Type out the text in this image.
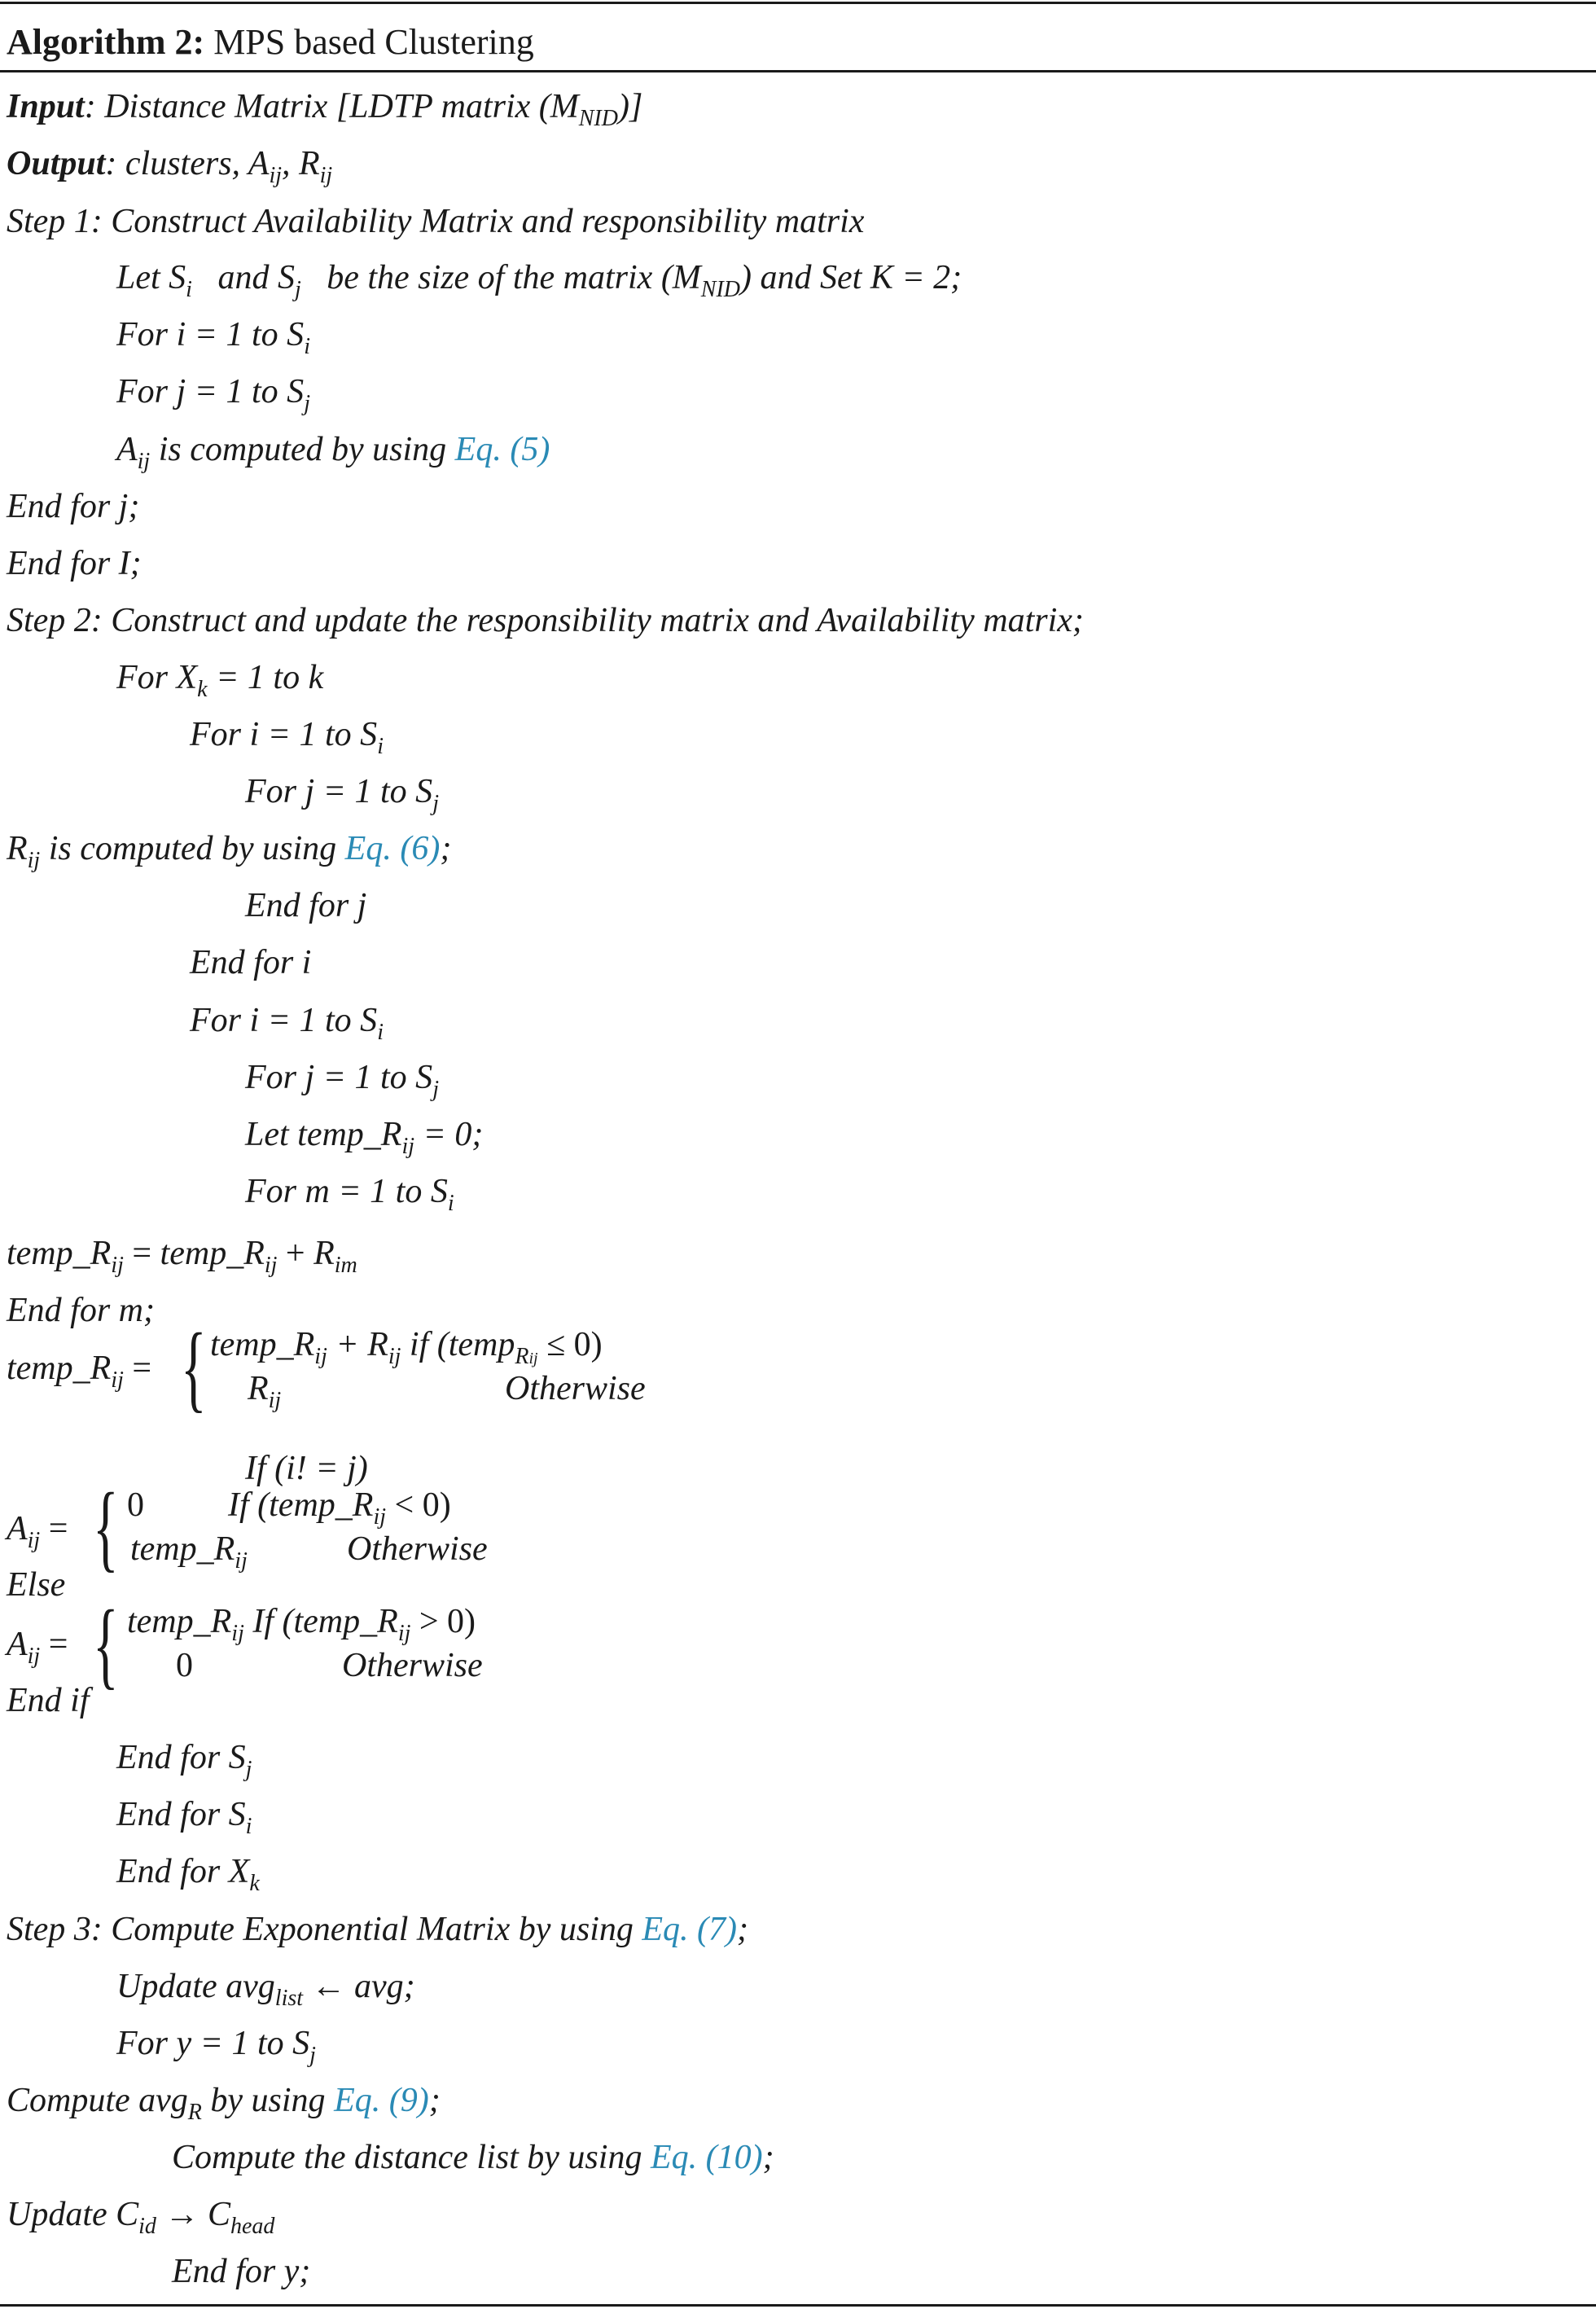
Algorithm 2: MPS based Clustering
Input: Distance Matrix [LDTP matrix $(M_{NID})$]
Output: clusters, $A_{ij}$, $R_{ij}$
Step 1: Construct Availability Matrix and responsibility matrix
Let $S_i$ and $S_j$ be the size of the matrix $(M_{NID})$ and Set K = 2;
For i = 1 to $S_i$
For j = 1 to $S_j$
$A_{ij}$ is computed by using Eq. (5)
End for j;
End for I;
Step 2: Construct and update the responsibility matrix and Availability matrix;
For $X_k = 1$ to k
For i = 1 to $S_i$
For j = 1 to $S_j$
$R_{ij}$ is computed by using Eq. (6);
End for j
End for i
For i = 1 to $S_i$
For j = 1 to $S_j$
Let $temp\_R_{ij} = 0$;
For m = 1 to $S_i$
$temp\_R_{ij}$ = $temp\_R_{ij} + R_{im}$
End for m;
$temp\_R_{ij}$ = { $temp\_R_{ij} + R_{ij}$ if (temp$_{Rij}$ ≤ 0)
$R_{ij}$	Otherwise
If (i! = j)
$A_{ij}$ = { 0 If $(temp\_R_{ij} < 0)$
$temp\_R_{ij}$	Otherwise
Else
$A_{ij}$ = { $temp\_R_{ij}$ If $(temp\_R_{ij} > 0)$
0	Otherwise
End if
End for $S_j$
End for $S_i$
End for $X_k$
Step 3: Compute Exponential Matrix by using Eq. (7);
Update avg$_{list}$ ← avg;
For y = 1 to $S_j$
Compute avg$_R$ by using Eq. (9);
Compute the distance list by using Eq. (10);
Update $C_{id} \to C_{head}$
End for y;
